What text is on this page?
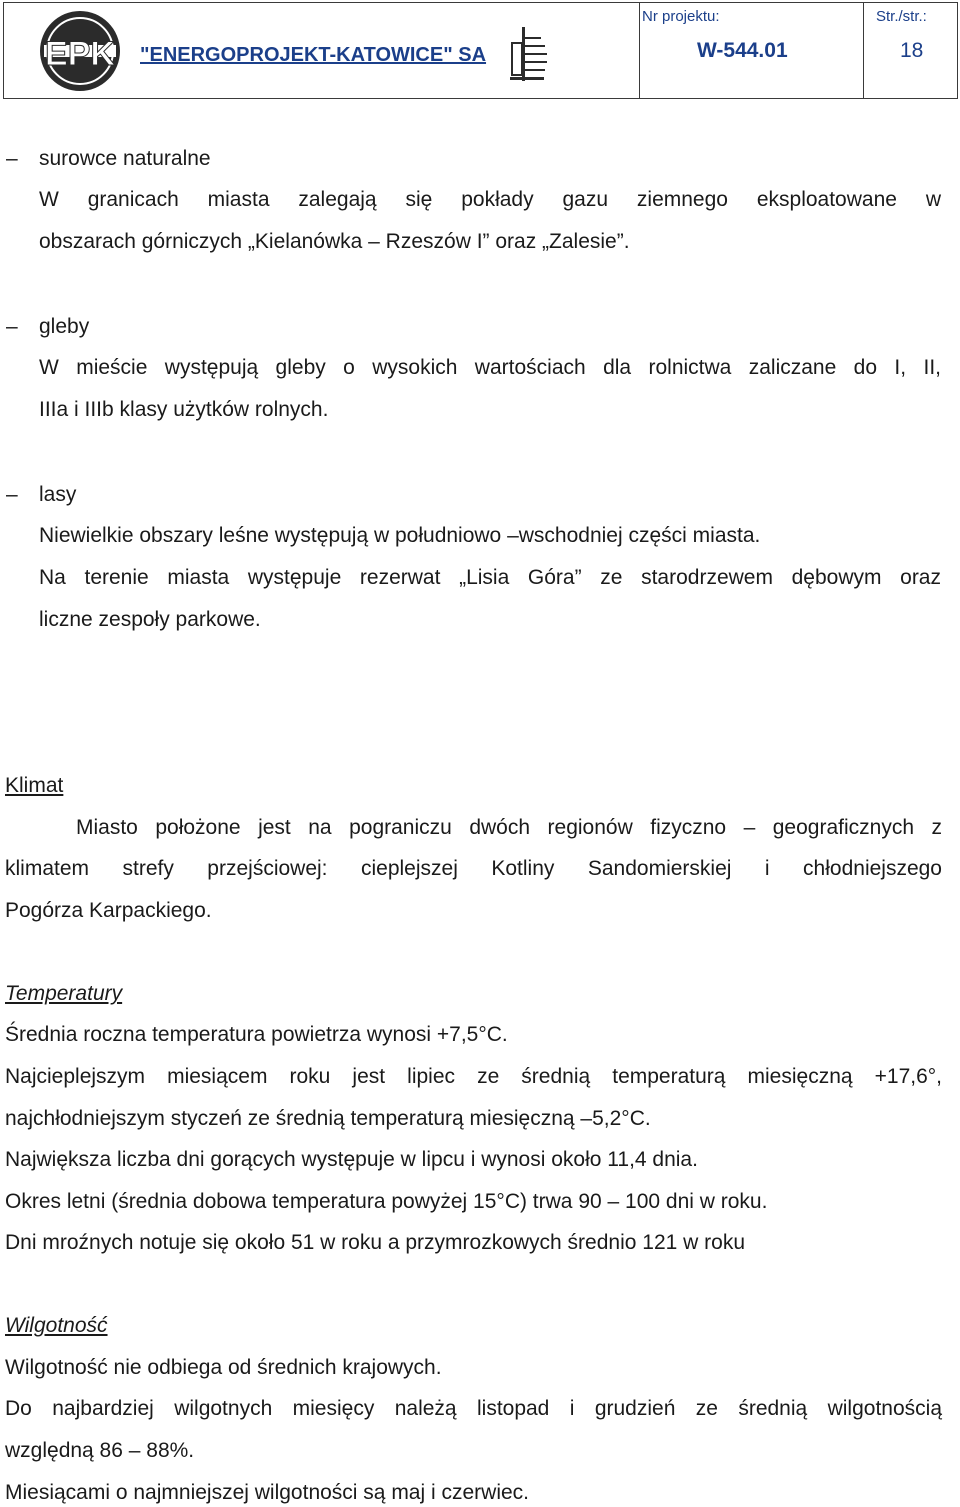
EPK "ENERGOPROJEKT-KATOWICE" SA
Nr projektu:
W-544.01
Str./str.:
18
– surowce naturalne
W granicach miasta zalegają się pokłady gazu ziemnego eksploatowane w
obszarach górniczych „Kielanówka – Rzeszów I” oraz „Zalesie”.
– gleby
W mieście występują gleby o wysokich wartościach dla rolnictwa zaliczane do I, II,
IIIa i IIIb klasy użytków rolnych.
– lasy
Niewielkie obszary leśne występują w południowo –wschodniej części miasta.
Na terenie miasta występuje rezerwat „Lisia Góra” ze starodrzewem dębowym oraz
liczne zespoły parkowe.
Klimat
Miasto położone jest na pograniczu dwóch regionów fizyczno – geograficznych z
klimatem strefy przejściowej: cieplejszej Kotliny Sandomierskiej i chłodniejszego
Pogórza Karpackiego.
Temperatury
Średnia roczna temperatura powietrza wynosi +7,5°C.
Najcieplejszym miesiącem roku jest lipiec ze średnią temperaturą miesięczną +17,6°,
najchłodniejszym styczeń ze średnią temperaturą miesięczną –5,2°C.
Największa liczba dni gorących występuje w lipcu i wynosi około 11,4 dnia.
Okres letni (średnia dobowa temperatura powyżej 15°C) trwa 90 – 100 dni w roku.
Dni mroźnych notuje się około 51 w roku a przymrozkowych średnio 121 w roku
Wilgotność
Wilgotność nie odbiega od średnich krajowych.
Do najbardziej wilgotnych miesięcy należą listopad i grudzień ze średnią wilgotnością
względną 86 – 88%.
Miesiącami o najmniejszej wilgotności są maj i czerwiec.
